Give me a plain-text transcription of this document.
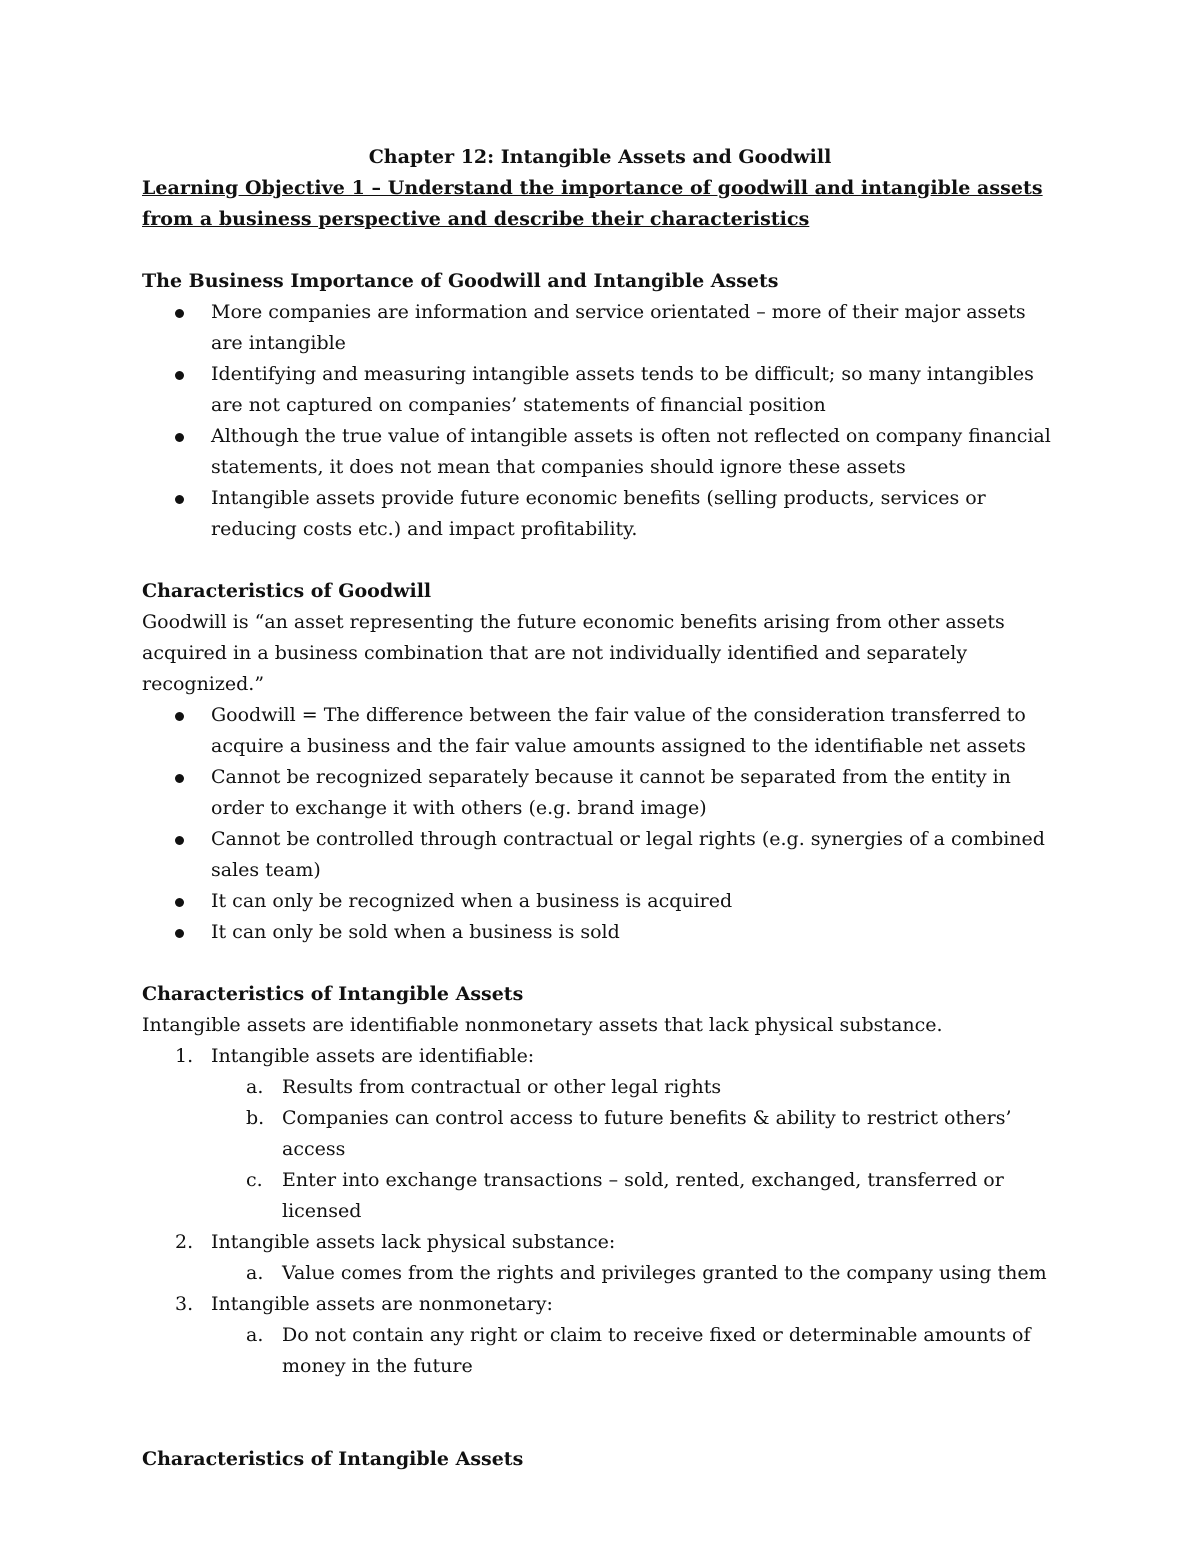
Chapter 12: Intangible Assets and Goodwill

Learning Objective 1 – Understand the importance of goodwill and intangible assets from a business perspective and describe their characteristics

The Business Importance of Goodwill and Intangible Assets

More companies are information and service orientated – more of their major assets are intangible
Identifying and measuring intangible assets tends to be difficult; so many intangibles are not captured on companies’ statements of financial position
Although the true value of intangible assets is often not reflected on company financial statements, it does not mean that companies should ignore these assets
Intangible assets provide future economic benefits (selling products, services or reducing costs etc.) and impact profitability.

Characteristics of Goodwill

Goodwill is “an asset representing the future economic benefits arising from other assets acquired in a business combination that are not individually identified and separately recognized.”

Goodwill = The difference between the fair value of the consideration transferred to acquire a business and the fair value amounts assigned to the identifiable net assets
Cannot be recognized separately because it cannot be separated from the entity in order to exchange it with others (e.g. brand image)
Cannot be controlled through contractual or legal rights (e.g. synergies of a combined sales team)
It can only be recognized when a business is acquired
It can only be sold when a business is sold

Characteristics of Intangible Assets

Intangible assets are identifiable nonmonetary assets that lack physical substance.

1. Intangible assets are identifiable:
a. Results from contractual or other legal rights
b. Companies can control access to future benefits & ability to restrict others’ access
c. Enter into exchange transactions – sold, rented, exchanged, transferred or licensed
2. Intangible assets lack physical substance:
a. Value comes from the rights and privileges granted to the company using them
3. Intangible assets are nonmonetary:
a. Do not contain any right or claim to receive fixed or determinable amounts of money in the future

Characteristics of Intangible Assets
